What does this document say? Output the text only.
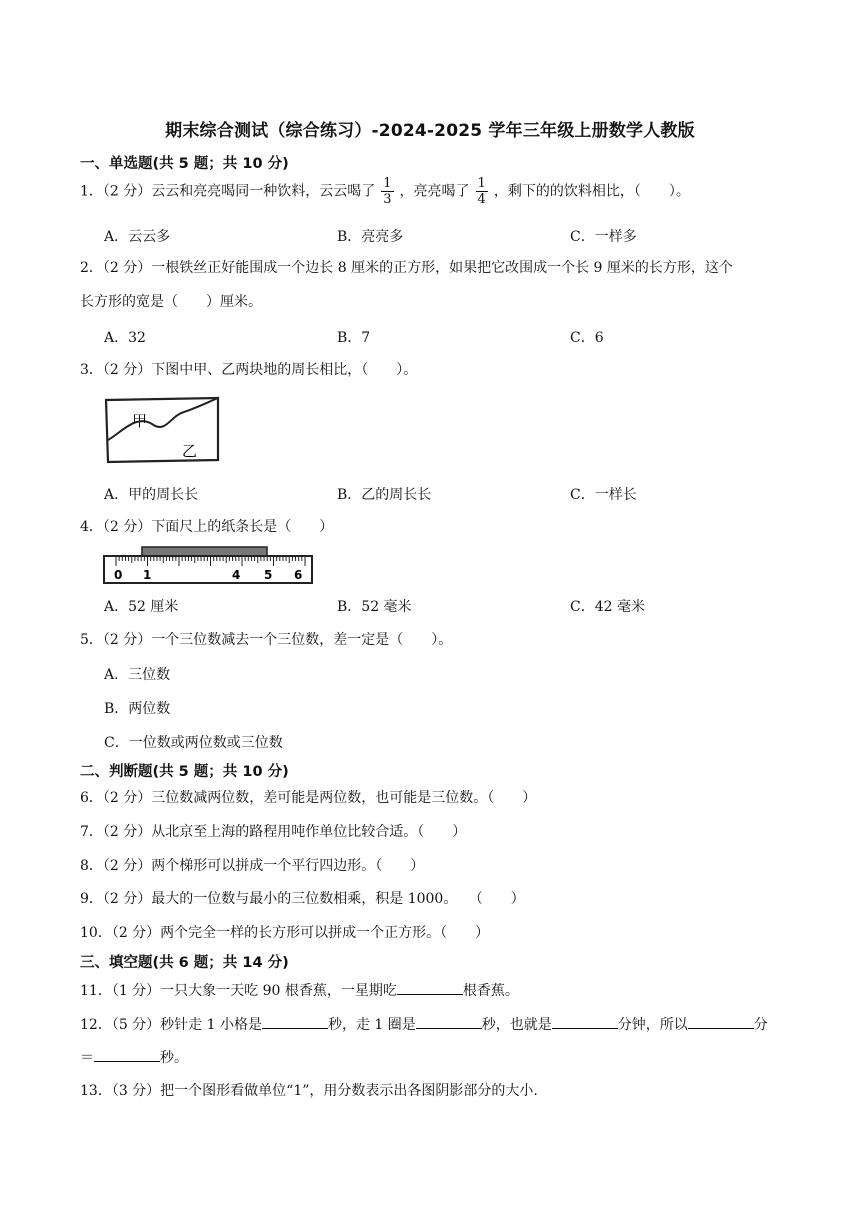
期末综合测试（综合练习）-2024-2025 学年三年级上册数学人教版
一、单选题(共 5 题；共 10 分)
1．（2 分）云云和亮亮喝同一种饮料，云云喝了 $\frac{1}{3}$ ，亮亮喝了 $\frac{1}{4}$ ，剩下的的饮料相比，（　　）。
A．云云多	B．亮亮多	C．一样多
2．（2 分）一根铁丝正好能围成一个边长 8 厘米的正方形，如果把它改围成一个长 9 厘米的长方形，这个
长方形的宽是（　　）厘米。
A．32	B．7	C．6
3．（2 分）下图中甲、乙两块地的周长相比，（　　）。
甲
乙
A．甲的周长长	B．乙的周长长	C．一样长
4．（2 分）下面尺上的纸条长是（　　）
0 1	4 5 6
A．52 厘米	B．52 毫米	C．42 毫米
5．（2 分）一个三位数减去一个三位数，差一定是（　　）。
A．三位数
B．两位数
C．一位数或两位数或三位数
二、判断题(共 5 题；共 10 分)
6．（2 分）三位数减两位数，差可能是两位数，也可能是三位数。（　　）
7．（2 分）从北京至上海的路程用吨作单位比较合适。（　　）
8．（2 分）两个梯形可以拼成一个平行四边形。（　　）
9．（2 分）最大的一位数与最小的三位数相乘，积是 1000。　 （　　）
10．（2 分）两个完全一样的长方形可以拼成一个正方形。（　　）
三、填空题(共 6 题；共 14 分)
11．（1 分）一只大象一天吃 90 根香蕉，一星期吃	根香蕉。
12．（5 分）秒针走 1 小格是	秒，走 1 圈是	秒，也就是	分钟，所以	分
＝	秒。
13．（3 分）把一个图形看做单位“1”，用分数表示出各图阴影部分的大小.
